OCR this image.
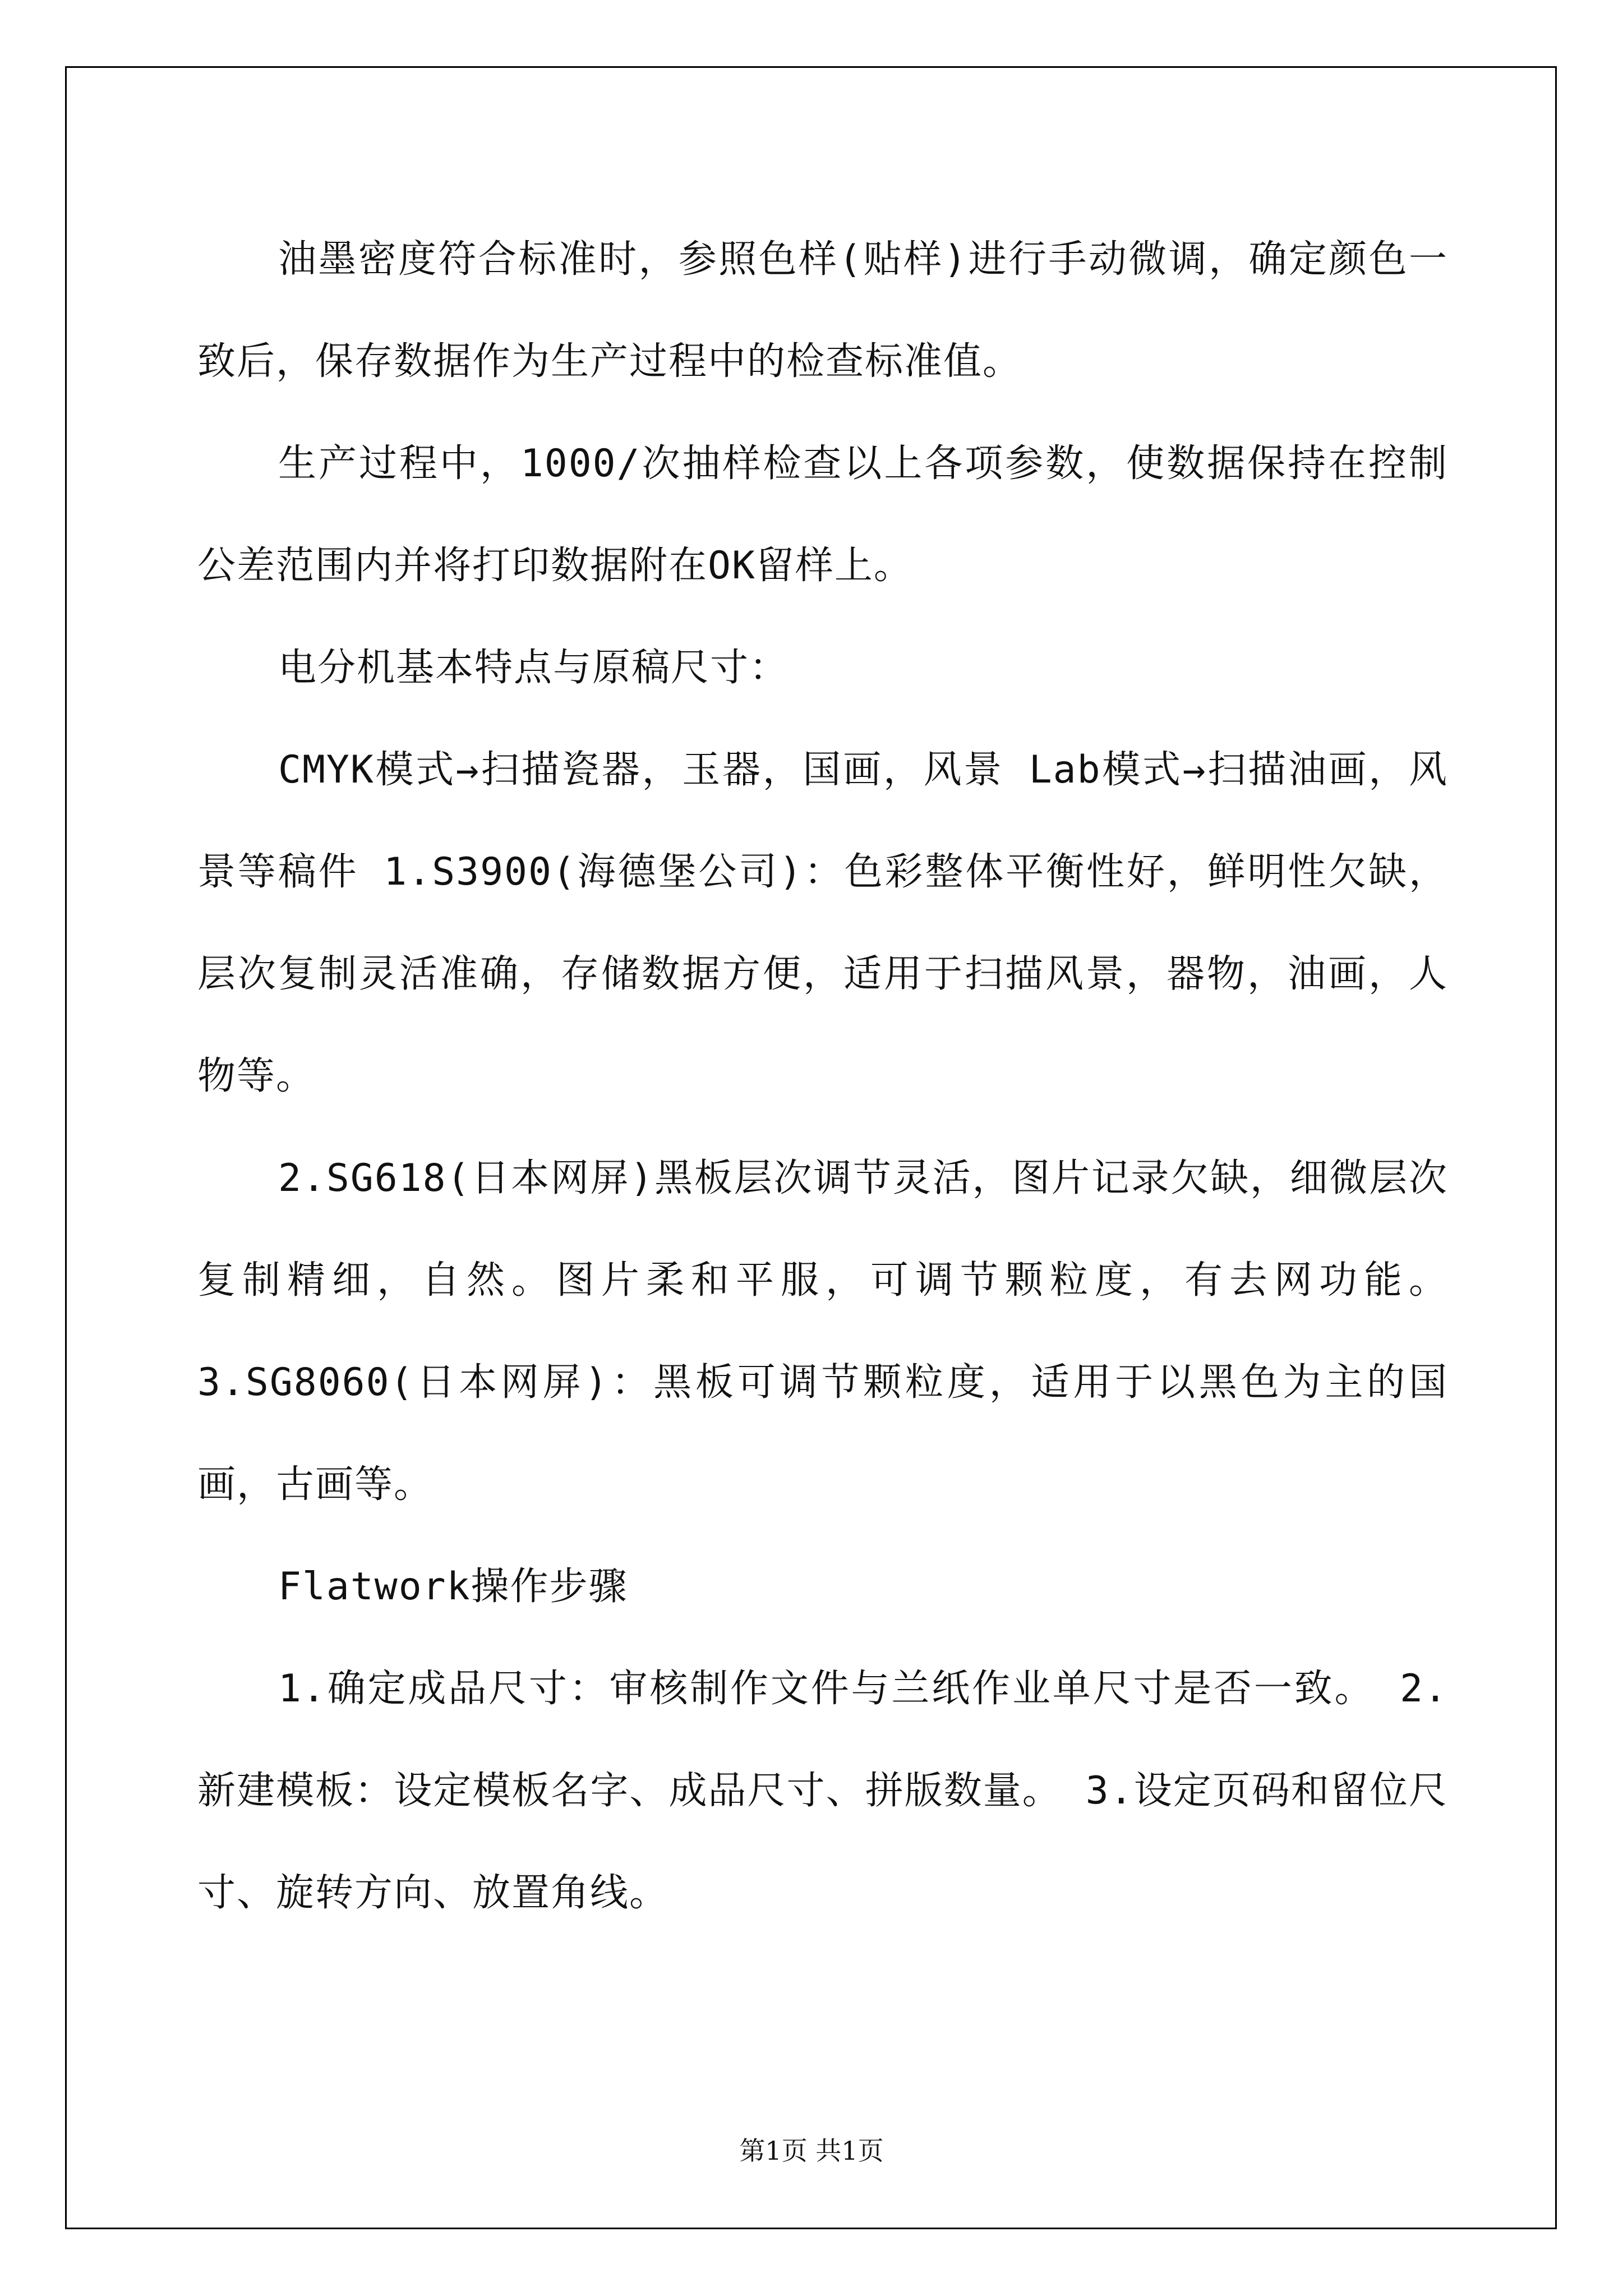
油墨密度符合标准时，参照色样(贴样)进行手动微调，确定颜色一致后，保存数据作为生产过程中的检查标准值。

生产过程中，1000/次抽样检查以上各项参数，使数据保持在控制公差范围内并将打印数据附在OK留样上。

电分机基本特点与原稿尺寸：

CMYK模式→扫描瓷器，玉器，国画，风景 Lab模式→扫描油画，风景等稿件 1.S3900(海德堡公司)：色彩整体平衡性好，鲜明性欠缺，层次复制灵活准确，存储数据方便，适用于扫描风景，器物，油画，人物等。

2.SG618(日本网屏)黑板层次调节灵活，图片记录欠缺，细微层次复制精细，自然。图片柔和平服，可调节颗粒度，有去网功能。 3.SG8060(日本网屏)：黑板可调节颗粒度，适用于以黑色为主的国画，古画等。

Flatwork操作步骤

1.确定成品尺寸：审核制作文件与兰纸作业单尺寸是否一致。 2.新建模板：设定模板名字、成品尺寸、拼版数量。 3.设定页码和留位尺寸、旋转方向、放置角线。

第1页 共1页
